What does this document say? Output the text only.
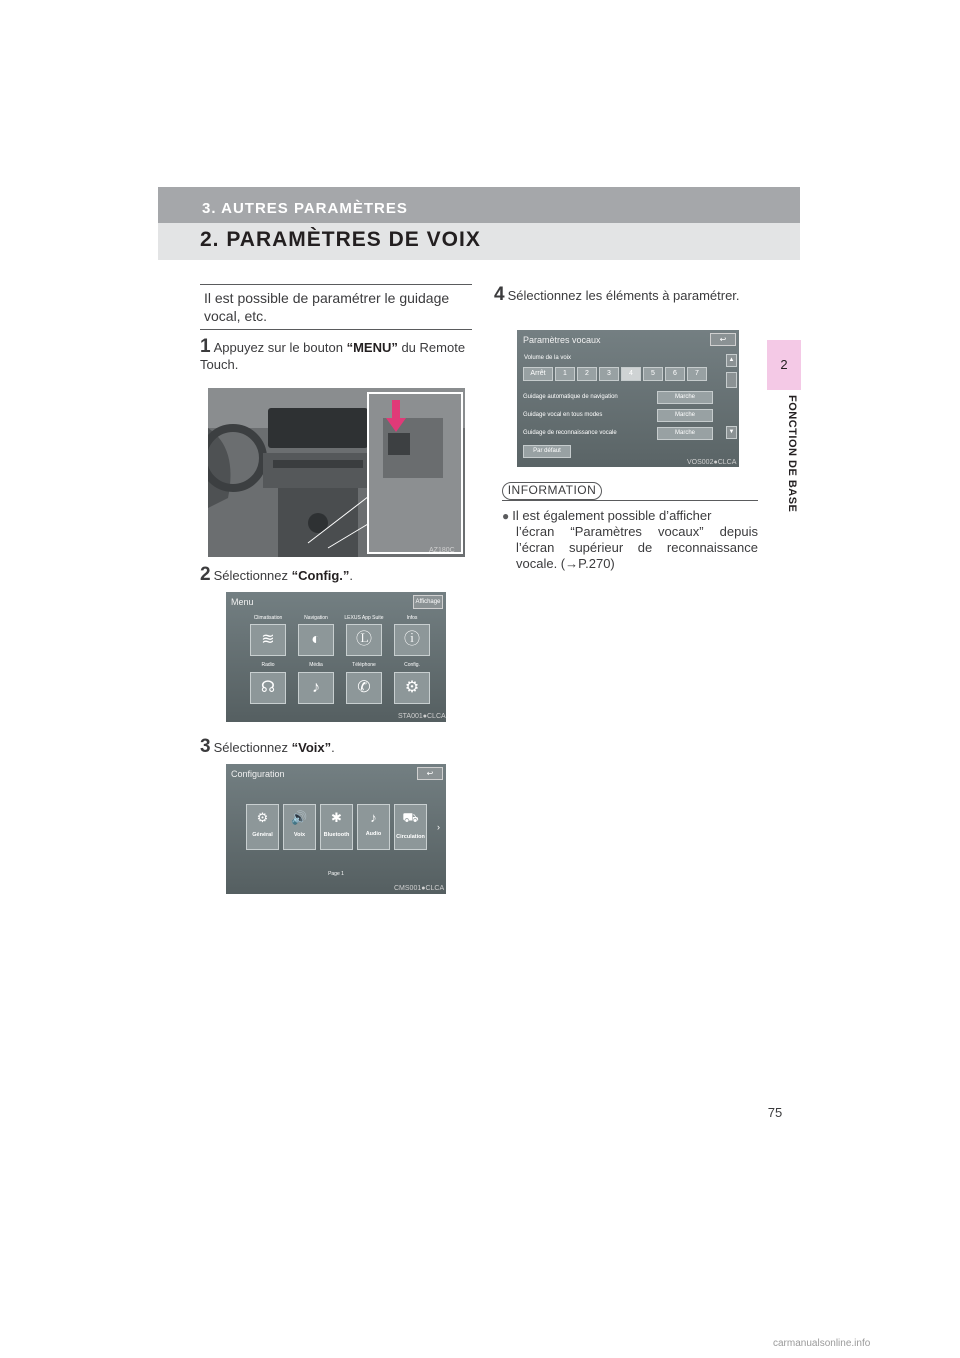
3. AUTRES PARAMÈTRES
2. PARAMÈTRES DE VOIX
2
FONCTION DE BASE
Il est possible de paramétrer le guidage vocal, etc.
1 Appuyez sur le bouton “MENU” du Remote Touch.
AZ180C
2 Sélectionnez “Config.”.
Menu	Affichage
Climatisation	Navigation	LEXUS App Suite	Infos
≋	◐	Ⓛ	ⓘ
Radio	Média	Téléphone	Config.
☊	♪	✆	⚙
STA001●CLCA
3 Sélectionnez “Voix”.
Configuration	↩
⚙
Général
🔊
Voix
✱
Bluetooth
♪
Audio
⛟
Circulation
›
Page 1
CMS001●CLCA
4 Sélectionnez les éléments à paramétrer.
Paramètres vocaux	↩
Volume de la voix
Arrêt	1	2	3	4	5	6	7
▲
▼
Guidage automatique de navigation	Marche
Guidage vocal en tous modes	Marche
Guidage de reconnaissance vocale	Marche
Par défaut
VOS002●CLCA
INFORMATION
● Il est également possible d’afficher
l’écran “Paramètres vocaux” depuis l’écran supérieur de reconnaissance vocale. (→P.270)
75
carmanualsonline.info
